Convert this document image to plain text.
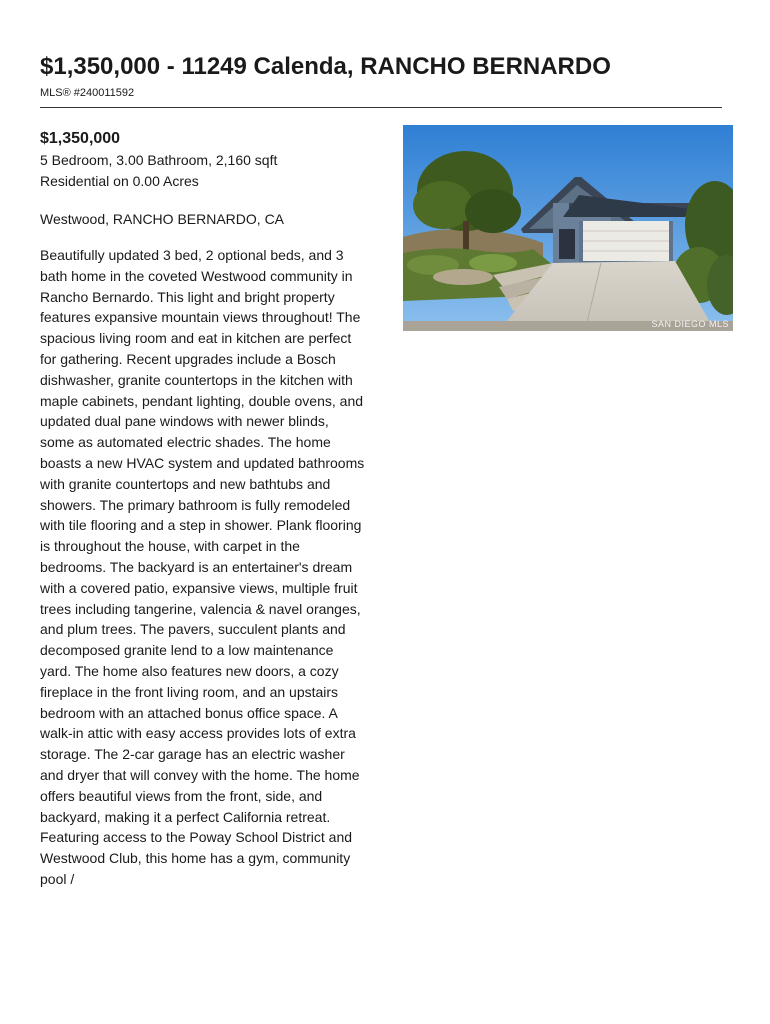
$1,350,000 - 11249 Calenda, RANCHO BERNARDO
MLS® #240011592
$1,350,000
5 Bedroom, 3.00 Bathroom, 2,160 sqft
Residential on 0.00 Acres
Westwood, RANCHO BERNARDO, CA
Beautifully updated 3 bed, 2 optional beds, and 3 bath home in the coveted Westwood community in Rancho Bernardo. This light and bright property features expansive mountain views throughout! The spacious living room and eat in kitchen are perfect for gathering. Recent upgrades include a Bosch dishwasher, granite countertops in the kitchen with maple cabinets, pendant lighting, double ovens, and updated dual pane windows with newer blinds, some as automated electric shades. The home boasts a new HVAC system and updated bathrooms with granite countertops and new bathtubs and showers. The primary bathroom is fully remodeled with tile flooring and a step in shower. Plank flooring is throughout the house, with carpet in the bedrooms. The backyard is an entertainer's dream with a covered patio, expansive views, multiple fruit trees including tangerine, valencia & navel oranges, and plum trees. The pavers, succulent plants and decomposed granite lend to a low maintenance yard. The home also features new doors, a cozy fireplace in the front living room, and an upstairs bedroom with an attached bonus office space. A walk-in attic with easy access provides lots of extra storage. The 2-car garage has an electric washer and dryer that will convey with the home. The home offers beautiful views from the front, side, and backyard, making it a perfect California retreat. Featuring access to the Poway School District and Westwood Club, this home has a gym, community pool /
SAN DIEGO MLS
